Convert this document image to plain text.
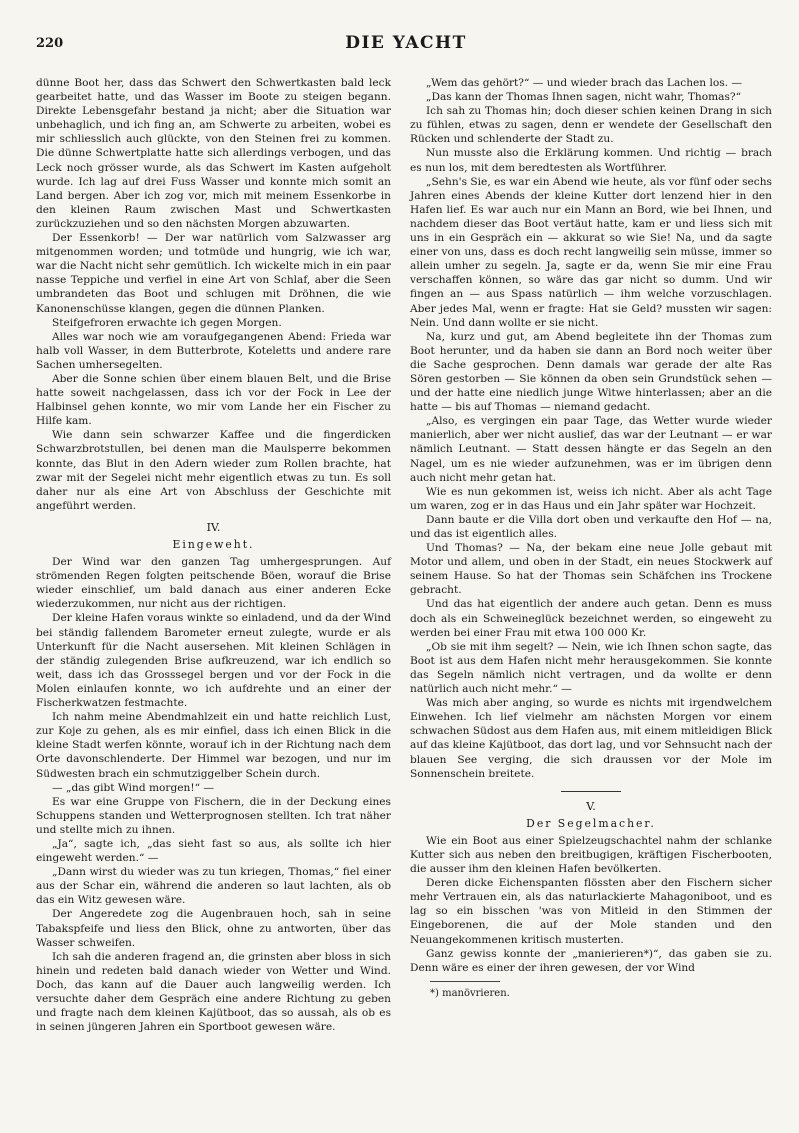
220	DIE YACHT

dünne Boot her, dass das Schwert den Schwertkasten bald leck gearbeitet hatte, und das Wasser im Boote zu steigen begann. Direkte Lebensgefahr bestand ja nicht; aber die Situation war unbehaglich, und ich fing an, am Schwerte zu arbeiten, wobei es mir schliesslich auch glückte, von den Steinen frei zu kommen. Die dünne Schwertplatte hatte sich allerdings verbogen, und das Leck noch grösser wurde, als das Schwert im Kasten aufgeholt wurde. Ich lag auf drei Fuss Wasser und konnte mich somit an Land bergen. Aber ich zog vor, mich mit meinem Essenkorbe in den kleinen Raum zwischen Mast und Schwertkasten zurückzuziehen und so den nächsten Morgen abzuwarten.

Der Essenkorb! — Der war natürlich vom Salzwasser arg mitgenommen worden; und totmüde und hungrig, wie ich war, war die Nacht nicht sehr gemütlich. Ich wickelte mich in ein paar nasse Teppiche und verfiel in eine Art von Schlaf, aber die Seen umbrandeten das Boot und schlugen mit Dröhnen, die wie Kanonenschüsse klangen, gegen die dünnen Planken.

Steifgefroren erwachte ich gegen Morgen.

Alles war noch wie am voraufgegangenen Abend: Frieda war halb voll Wasser, in dem Butterbrote, Koteletts und andere rare Sachen umhersegelten.

Aber die Sonne schien über einem blauen Belt, und die Brise hatte soweit nachgelassen, dass ich vor der Fock in Lee der Halbinsel gehen konnte, wo mir vom Lande her ein Fischer zu Hilfe kam.

Wie dann sein schwarzer Kaffee und die fingerdicken Schwarzbrotstullen, bei denen man die Maulsperre bekommen konnte, das Blut in den Adern wieder zum Rollen brachte, hat zwar mit der Segelei nicht mehr eigentlich etwas zu tun. Es soll daher nur als eine Art von Abschluss der Geschichte mit angeführt werden.

IV.
Eingeweht.

Der Wind war den ganzen Tag umhergesprungen. Auf strömenden Regen folgten peitschende Böen, worauf die Brise wieder einschlief, um bald danach aus einer anderen Ecke wiederzukommen, nur nicht aus der richtigen.

Der kleine Hafen voraus winkte so einladend, und da der Wind bei ständig fallendem Barometer erneut zulegte, wurde er als Unterkunft für die Nacht ausersehen. Mit kleinen Schlägen in der ständig zulegenden Brise aufkreuzend, war ich endlich so weit, dass ich das Grosssegel bergen und vor der Fock in die Molen einlaufen konnte, wo ich aufdrehte und an einer der Fischerkwatzen festmachte.

Ich nahm meine Abendmahlzeit ein und hatte reichlich Lust, zur Koje zu gehen, als es mir einfiel, dass ich einen Blick in die kleine Stadt werfen könnte, worauf ich in der Richtung nach dem Orte davonschlenderte. Der Himmel war bezogen, und nur im Südwesten brach ein schmutziggelber Schein durch.

— „das gibt Wind morgen!“ —

Es war eine Gruppe von Fischern, die in der Deckung eines Schuppens standen und Wetterprognosen stellten. Ich trat näher und stellte mich zu ihnen.

„Ja“, sagte ich, „das sieht fast so aus, als sollte ich hier eingeweht werden.“ —

„Dann wirst du wieder was zu tun kriegen, Thomas,“ fiel einer aus der Schar ein, während die anderen so laut lachten, als ob das ein Witz gewesen wäre.

Der Angeredete zog die Augenbrauen hoch, sah in seine Tabakspfeife und liess den Blick, ohne zu antworten, über das Wasser schweifen.

Ich sah die anderen fragend an, die grinsten aber bloss in sich hinein und redeten bald danach wieder von Wetter und Wind. Doch, das kann auf die Dauer auch langweilig werden. Ich versuchte daher dem Gespräch eine andere Richtung zu geben und fragte nach dem kleinen Kajütboot, das so aussah, als ob es in seinen jüngeren Jahren ein Sportboot gewesen wäre.

„Wem das gehört?“ — und wieder brach das Lachen los. —

„Das kann der Thomas Ihnen sagen, nicht wahr, Thomas?“

Ich sah zu Thomas hin; doch dieser schien keinen Drang in sich zu fühlen, etwas zu sagen, denn er wendete der Gesellschaft den Rücken und schlenderte der Stadt zu.

Nun musste also die Erklärung kommen. Und richtig — brach es nun los, mit dem beredtesten als Wortführer.

„Sehn's Sie, es war ein Abend wie heute, als vor fünf oder sechs Jahren eines Abends der kleine Kutter dort lenzend hier in den Hafen lief. Es war auch nur ein Mann an Bord, wie bei Ihnen, und nachdem dieser das Boot vertäut hatte, kam er und liess sich mit uns in ein Gespräch ein — akkurat so wie Sie! Na, und da sagte einer von uns, dass es doch recht langweilig sein müsse, immer so allein umher zu segeln. Ja, sagte er da, wenn Sie mir eine Frau verschaffen können, so wäre das gar nicht so dumm. Und wir fingen an — aus Spass natürlich — ihm welche vorzuschlagen. Aber jedes Mal, wenn er fragte: Hat sie Geld? mussten wir sagen: Nein. Und dann wollte er sie nicht.

Na, kurz und gut, am Abend begleitete ihn der Thomas zum Boot herunter, und da haben sie dann an Bord noch weiter über die Sache gesprochen. Denn damals war gerade der alte Ras Sören gestorben — Sie können da oben sein Grundstück sehen — und der hatte eine niedlich junge Witwe hinterlassen; aber an die hatte — bis auf Thomas — niemand gedacht.

„Also, es vergingen ein paar Tage, das Wetter wurde wieder manierlich, aber wer nicht auslief, das war der Leutnant — er war nämlich Leutnant. — Statt dessen hängte er das Segeln an den Nagel, um es nie wieder aufzunehmen, was er im übrigen denn auch nicht mehr getan hat.

Wie es nun gekommen ist, weiss ich nicht. Aber als acht Tage um waren, zog er in das Haus und ein Jahr später war Hochzeit.

Dann baute er die Villa dort oben und verkaufte den Hof — na, und das ist eigentlich alles.

Und Thomas? — Na, der bekam eine neue Jolle gebaut mit Motor und allem, und oben in der Stadt, ein neues Stockwerk auf seinem Hause. So hat der Thomas sein Schäfchen ins Trockene gebracht.

Und das hat eigentlich der andere auch getan. Denn es muss doch als ein Schweineglück bezeichnet werden, so eingeweht zu werden bei einer Frau mit etwa 100 000 Kr.

„Ob sie mit ihm segelt? — Nein, wie ich Ihnen schon sagte, das Boot ist aus dem Hafen nicht mehr herausgekommen. Sie konnte das Segeln nämlich nicht vertragen, und da wollte er denn natürlich auch nicht mehr.“ —

Was mich aber anging, so wurde es nichts mit irgendwelchem Einwehen. Ich lief vielmehr am nächsten Morgen vor einem schwachen Südost aus dem Hafen aus, mit einem mitleidigen Blick auf das kleine Kajütboot, das dort lag, und vor Sehnsucht nach der blauen See verging, die sich draussen vor der Mole im Sonnenschein breitete.

V.
Der Segelmacher.

Wie ein Boot aus einer Spielzeugschachtel nahm der schlanke Kutter sich aus neben den breitbugigen, kräftigen Fischerbooten, die ausser ihm den kleinen Hafen bevölkerten.

Deren dicke Eichenspanten flössten aber den Fischern sicher mehr Vertrauen ein, als das naturlackierte Mahagoniboot, und es lag so ein bisschen 'was von Mitleid in den Stimmen der Eingeborenen, die auf der Mole standen und den Neuangekommenen kritisch musterten.

Ganz gewiss konnte der „manierieren*)“, das gaben sie zu. Denn wäre es einer der ihren gewesen, der vor Wind

*) manövrieren.
